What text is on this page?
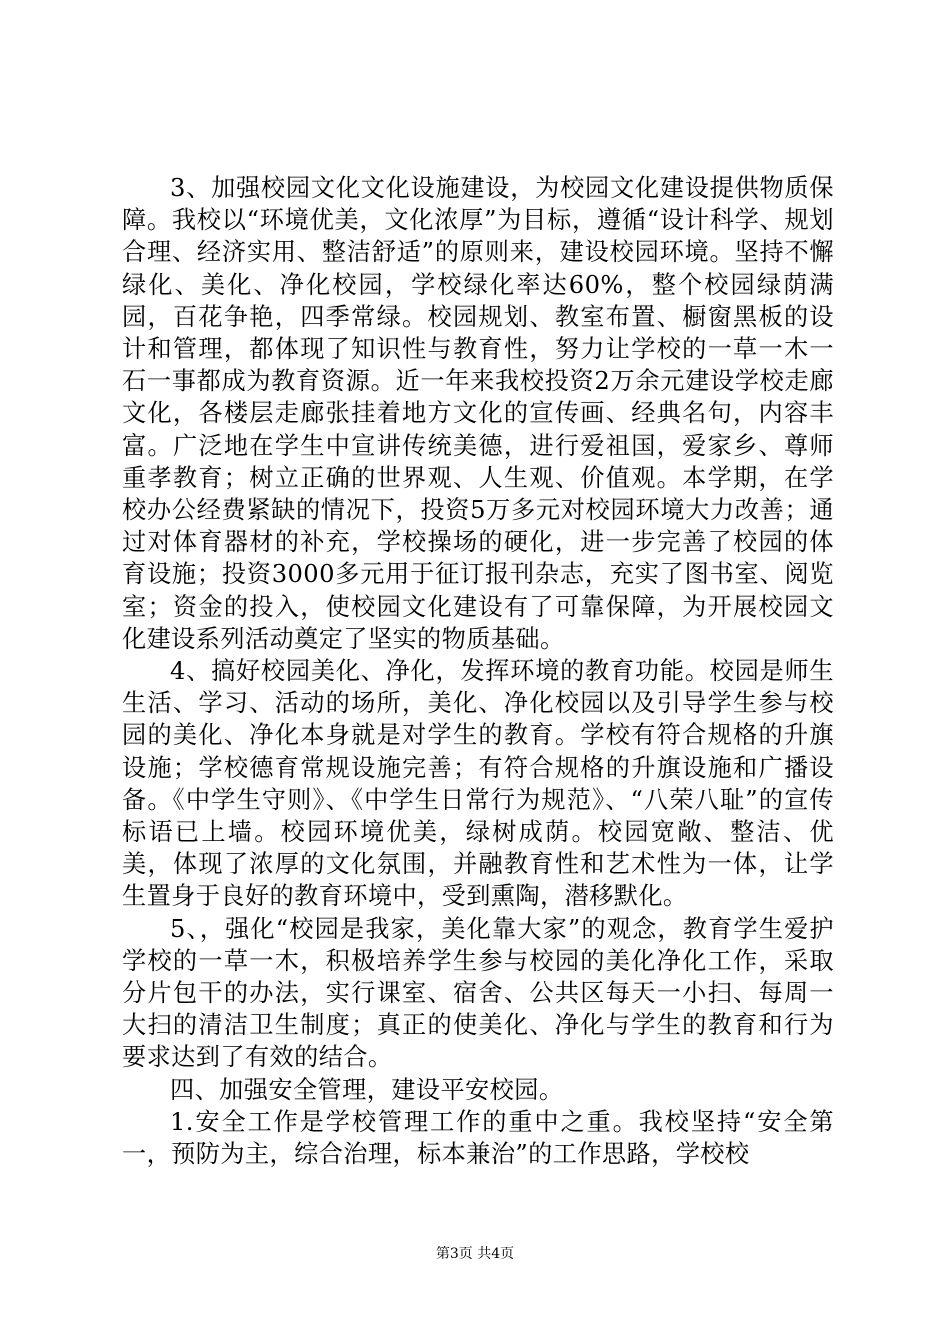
3、加强校园文化文化设施建设，为校园文化建设提供物质保障。我校以“环境优美，文化浓厚”为目标，遵循“设计科学、规划合理、经济实用、整洁舒适”的原则来，建设校园环境。坚持不懈绿化、美化、净化校园，学校绿化率达60%，整个校园绿荫满园，百花争艳，四季常绿。校园规划、教室布置、橱窗黑板的设计和管理，都体现了知识性与教育性，努力让学校的一草一木一石一事都成为教育资源。近一年来我校投资2万余元建设学校走廊文化，各楼层走廊张挂着地方文化的宣传画、经典名句，内容丰富。广泛地在学生中宣讲传统美德，进行爱祖国，爱家乡、尊师重孝教育；树立正确的世界观、人生观、价值观。本学期，在学校办公经费紧缺的情况下，投资5万多元对校园环境大力改善；通过对体育器材的补充，学校操场的硬化，进一步完善了校园的体育设施；投资3000多元用于征订报刊杂志，充实了图书室、阅览室；资金的投入，使校园文化建设有了可靠保障，为开展校园文化建设系列活动奠定了坚实的物质基础。

4、搞好校园美化、净化，发挥环境的教育功能。校园是师生生活、学习、活动的场所，美化、净化校园以及引导学生参与校园的美化、净化本身就是对学生的教育。学校有符合规格的升旗设施；学校德育常规设施完善；有符合规格的升旗设施和广播设备。《中学生守则》、《中学生日常行为规范》、“八荣八耻”的宣传标语已上墙。校园环境优美，绿树成荫。校园宽敞、整洁、优美，体现了浓厚的文化氛围，并融教育性和艺术性为一体，让学生置身于良好的教育环境中，受到熏陶，潜移默化。

5、，强化“校园是我家，美化靠大家”的观念，教育学生爱护学校的一草一木，积极培养学生参与校园的美化净化工作，采取分片包干的办法，实行课室、宿舍、公共区每天一小扫、每周一大扫的清洁卫生制度；真正的使美化、净化与学生的教育和行为要求达到了有效的结合。

四、加强安全管理，建设平安校园。

1.安全工作是学校管理工作的重中之重。我校坚持“安全第一，预防为主，综合治理，标本兼治”的工作思路，学校校

第3页 共4页
